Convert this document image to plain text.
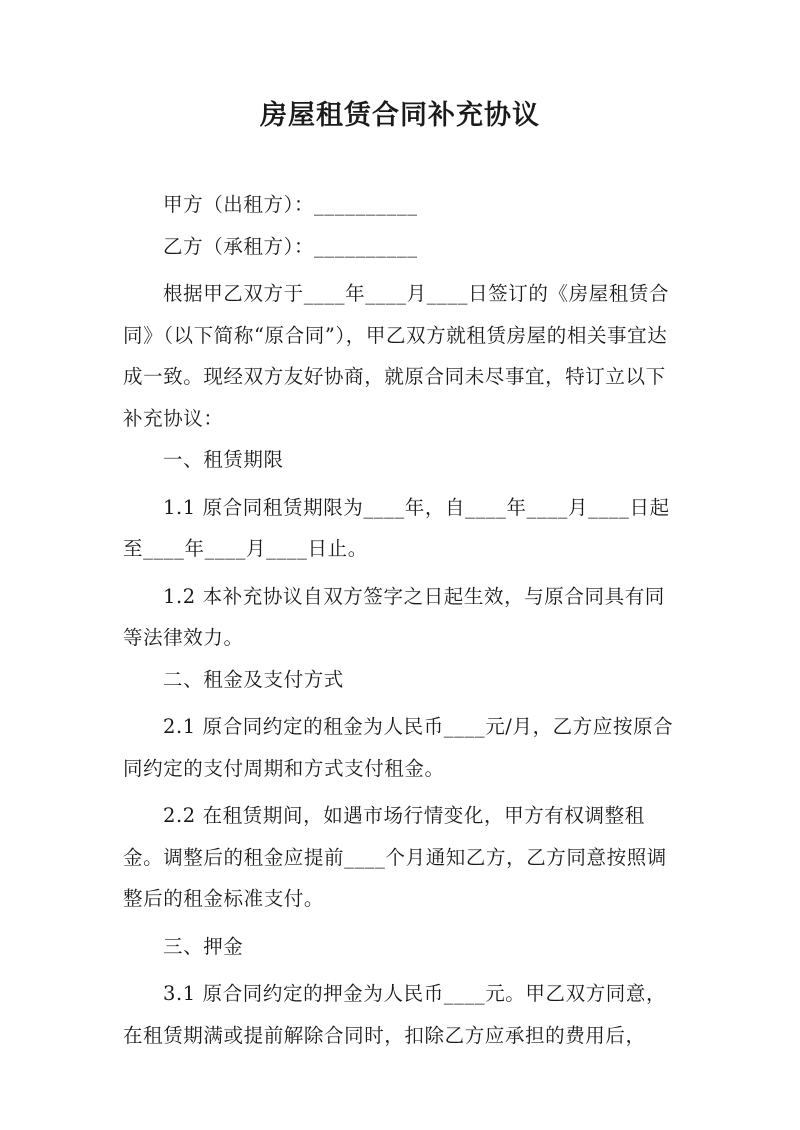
房屋租赁合同补充协议

甲方（出租方）：__________

乙方（承租方）：__________

根据甲乙双方于____年____月____日签订的《房屋租赁合同》（以下简称“原合同”），甲乙双方就租赁房屋的相关事宜达成一致。现经双方友好协商，就原合同未尽事宜，特订立以下补充协议：

一、租赁期限

1.1 原合同租赁期限为____年，自____年____月____日起至____年____月____日止。

1.2 本补充协议自双方签字之日起生效，与原合同具有同等法律效力。

二、租金及支付方式

2.1 原合同约定的租金为人民币____元/月，乙方应按原合同约定的支付周期和方式支付租金。

2.2 在租赁期间，如遇市场行情变化，甲方有权调整租金。调整后的租金应提前____个月通知乙方，乙方同意按照调整后的租金标准支付。

三、押金

3.1 原合同约定的押金为人民币____元。甲乙双方同意，在租赁期满或提前解除合同时，扣除乙方应承担的费用后，
